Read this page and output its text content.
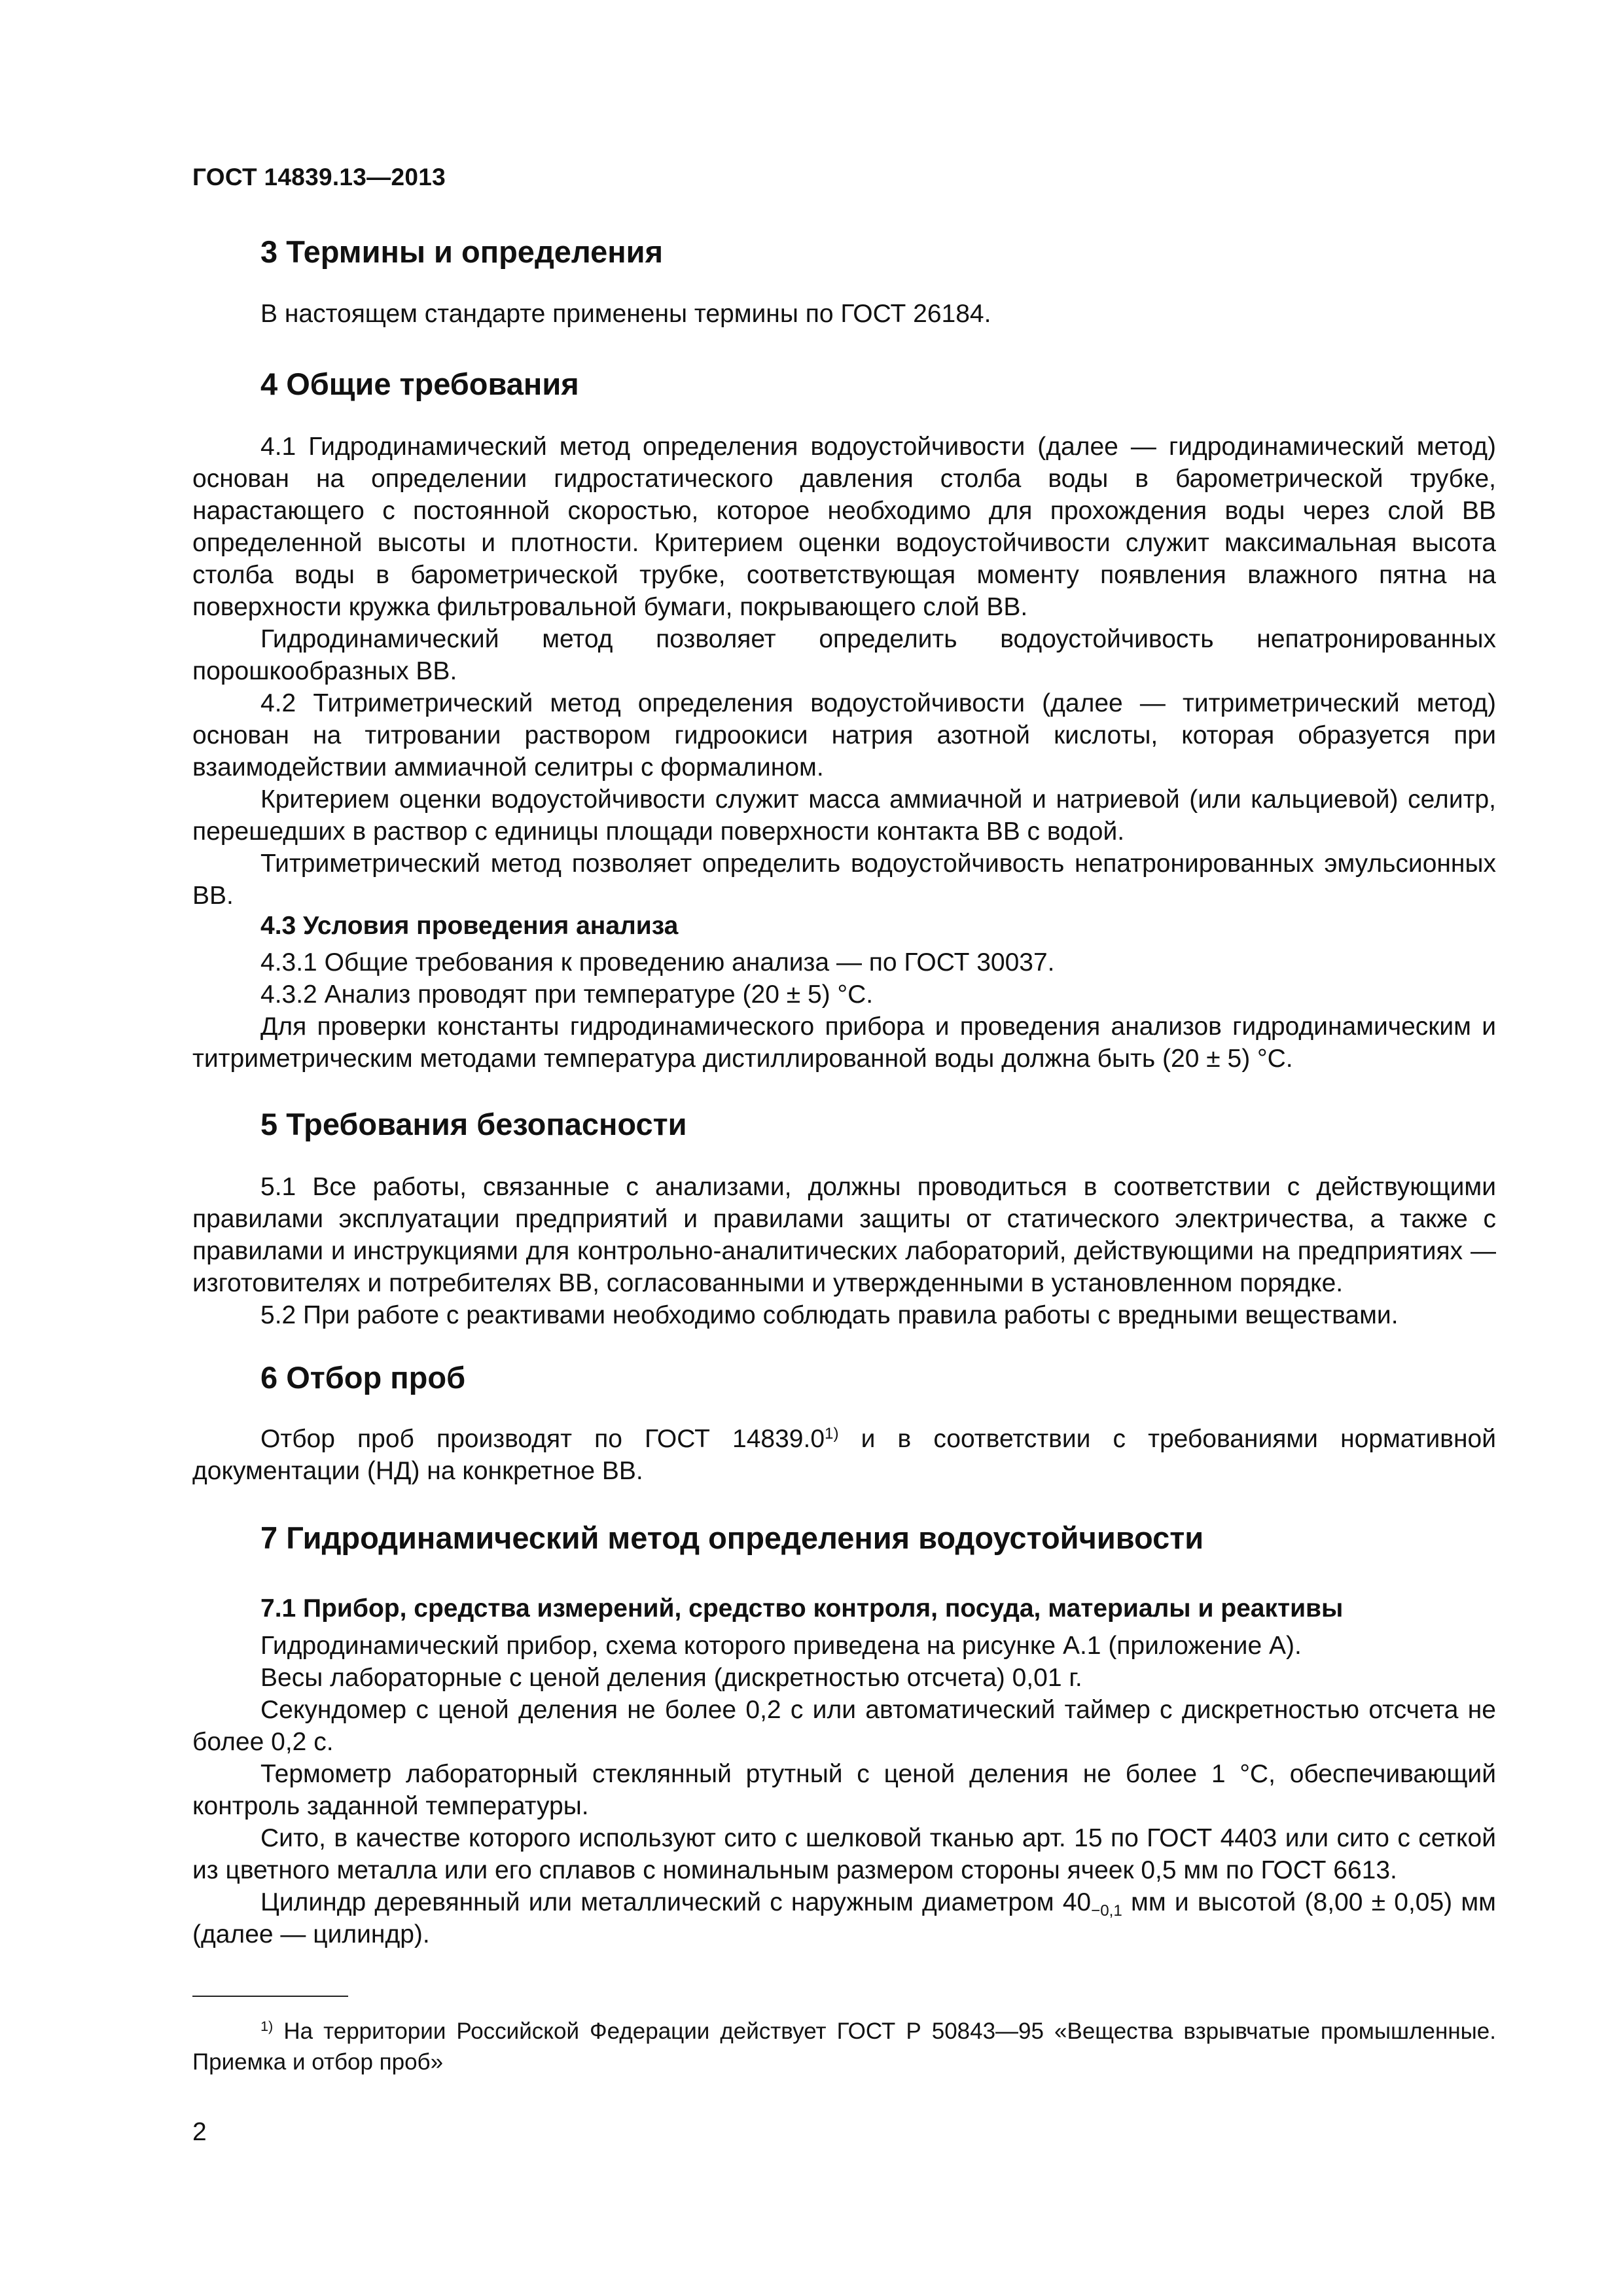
ГОСТ 14839.13—2013
3 Термины и определения

В настоящем стандарте применены термины по ГОСТ 26184.

4 Общие требования

4.1 Гидродинамический метод определения водоустойчивости (далее — гидродинамический метод) основан на определении гидростатического давления столба воды в барометрической трубке, нарастающего с постоянной скоростью, которое необходимо для прохождения воды через слой ВВ определенной высоты и плотности. Критерием оценки водоустойчивости служит максимальная высота столба воды в барометрической трубке, соответствующая моменту появления влажного пятна на поверхности кружка фильтровальной бумаги, покрывающего слой ВВ.

Гидродинамический метод позволяет определить водоустойчивость непатронированных порошкообразных ВВ.

4.2 Титриметрический метод определения водоустойчивости (далее — титриметрический метод) основан на титровании раствором гидроокиси натрия азотной кислоты, которая образуется при взаимодействии аммиачной селитры с формалином.

Критерием оценки водоустойчивости служит масса аммиачной и натриевой (или кальциевой) селитр, перешедших в раствор с единицы площади поверхности контакта ВВ с водой.

Титриметрический метод позволяет определить водоустойчивость непатронированных эмульсионных ВВ.

4.3 Условия проведения анализа

4.3.1 Общие требования к проведению анализа — по ГОСТ 30037.

4.3.2 Анализ проводят при температуре (20 ± 5) °С.

Для проверки константы гидродинамического прибора и проведения анализов гидродинамическим и титриметрическим методами температура дистиллированной воды должна быть (20 ± 5) °С.

5 Требования безопасности

5.1 Все работы, связанные с анализами, должны проводиться в соответствии с действующими правилами эксплуатации предприятий и правилами защиты от статического электричества, а также с правилами и инструкциями для контрольно-аналитических лабораторий, действующими на предприятиях — изготовителях и потребителях ВВ, согласованными и утвержденными в установленном порядке.

5.2 При работе с реактивами необходимо соблюдать правила работы с вредными веществами.

6 Отбор проб

Отбор проб производят по ГОСТ 14839.0$^{1)}$ и в соответствии с требованиями нормативной документации (НД) на конкретное ВВ.

7 Гидродинамический метод определения водоустойчивости
7.1 Прибор, средства измерений, средство контроля, посуда, материалы и реактивы

Гидродинамический прибор, схема которого приведена на рисунке А.1 (приложение А).

Весы лабораторные с ценой деления (дискретностью отсчета) 0,01 г.

Секундомер с ценой деления не более 0,2 с или автоматический таймер с дискретностью отсчета не более 0,2 с.

Термометр лабораторный стеклянный ртутный с ценой деления не более 1 °С, обеспечивающий контроль заданной температуры.

Сито, в качестве которого используют сито с шелковой тканью арт. 15 по ГОСТ 4403 или сито с сеткой из цветного металла или его сплавов с номинальным размером стороны ячеек 0,5 мм по ГОСТ 6613.

Цилиндр деревянный или металлический с наружным диаметром $40_{-0,1}$ мм и высотой (8,00 ± 0,05) мм (далее — цилиндр).

$^{1)}$ На территории Российской Федерации действует ГОСТ Р 50843—95 «Вещества взрывчатые промышленные. Приемка и отбор проб»

2
